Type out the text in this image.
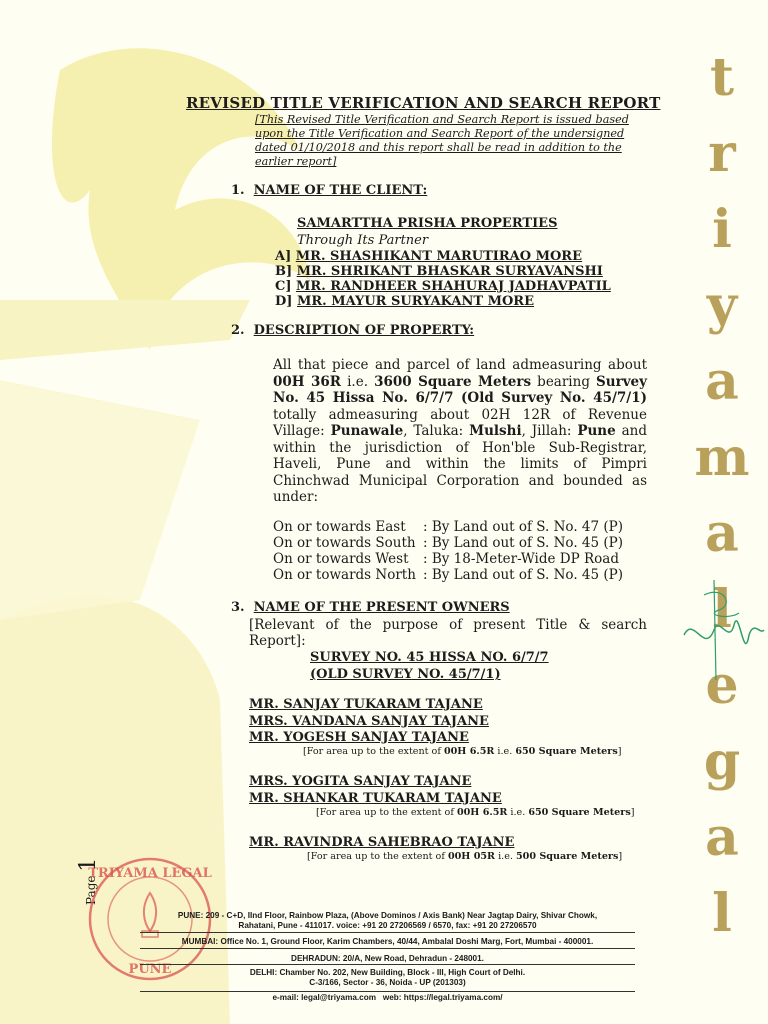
t
r
i
y
a
m
a
l
e
g
a
l
REVISED TITLE VERIFICATION AND SEARCH REPORT
[This Revised Title Verification and Search Report is issued based
upon the Title Verification and Search Report of the undersigned
dated 01/10/2018 and this report shall be read in addition to the
earlier report]
1. NAME OF THE CLIENT:
SAMARTTHA PRISHA PROPERTIES
Through Its Partner
A] MR. SHASHIKANT MARUTIRAO MORE
B] MR. SHRIKANT BHASKAR SURYAVANSHI
C] MR. RANDHEER SHAHURAJ JADHAVPATIL
D] MR. MAYUR SURYAKANT MORE
2. DESCRIPTION OF PROPERTY:
All that piece and parcel of land admeasuring about 00H 36R i.e. 3600 Square Meters bearing Survey No. 45 Hissa No. 6/7/7 (Old Survey No. 45/7/1) totally admeasuring about 02H 12R of Revenue Village: Punawale, Taluka: Mulshi, Jillah: Pune and within the jurisdiction of Hon'ble Sub-Registrar, Haveli, Pune and within the limits of Pimpri Chinchwad Municipal Corporation and bounded as under:
On or towards East : By Land out of S. No. 47 (P)
On or towards South : By Land out of S. No. 45 (P)
On or towards West : By 18-Meter-Wide DP Road
On or towards North : By Land out of S. No. 45 (P)
3. NAME OF THE PRESENT OWNERS
[Relevant of the purpose of present Title & search
Report]:
SURVEY NO. 45 HISSA NO. 6/7/7
(OLD SURVEY NO. 45/7/1)
MR. SANJAY TUKARAM TAJANE
MRS. VANDANA SANJAY TAJANE
MR. YOGESH SANJAY TAJANE
[For area up to the extent of 00H 6.5R i.e. 650 Square Meters]
MRS. YOGITA SANJAY TAJANE
MR. SHANKAR TUKARAM TAJANE
[For area up to the extent of 00H 6.5R i.e. 650 Square Meters]
MR. RAVINDRA SAHEBRAO TAJANE
[For area up to the extent of 00H 05R i.e. 500 Square Meters]
Page 1
TRIYAMA LEGAL
PUNE
PUNE: 209 - C+D, IInd Floor, Rainbow Plaza, (Above Dominos / Axis Bank) Near Jagtap Dairy, Shivar Chowk,
Rahatani, Pune - 411017. voice: +91 20 27206569 / 6570, fax: +91 20 27206570
MUMBAI: Office No. 1, Ground Floor, Karim Chambers, 40/44, Ambalal Doshi Marg, Fort, Mumbai - 400001.
DEHRADUN: 20/A, New Road, Dehradun - 248001.
DELHI: Chamber No. 202, New Building, Block - III, High Court of Delhi.
C-3/166, Sector - 36, Noida - UP (201303)
e-mail: legal@triyama.com web: https://legal.triyama.com/
